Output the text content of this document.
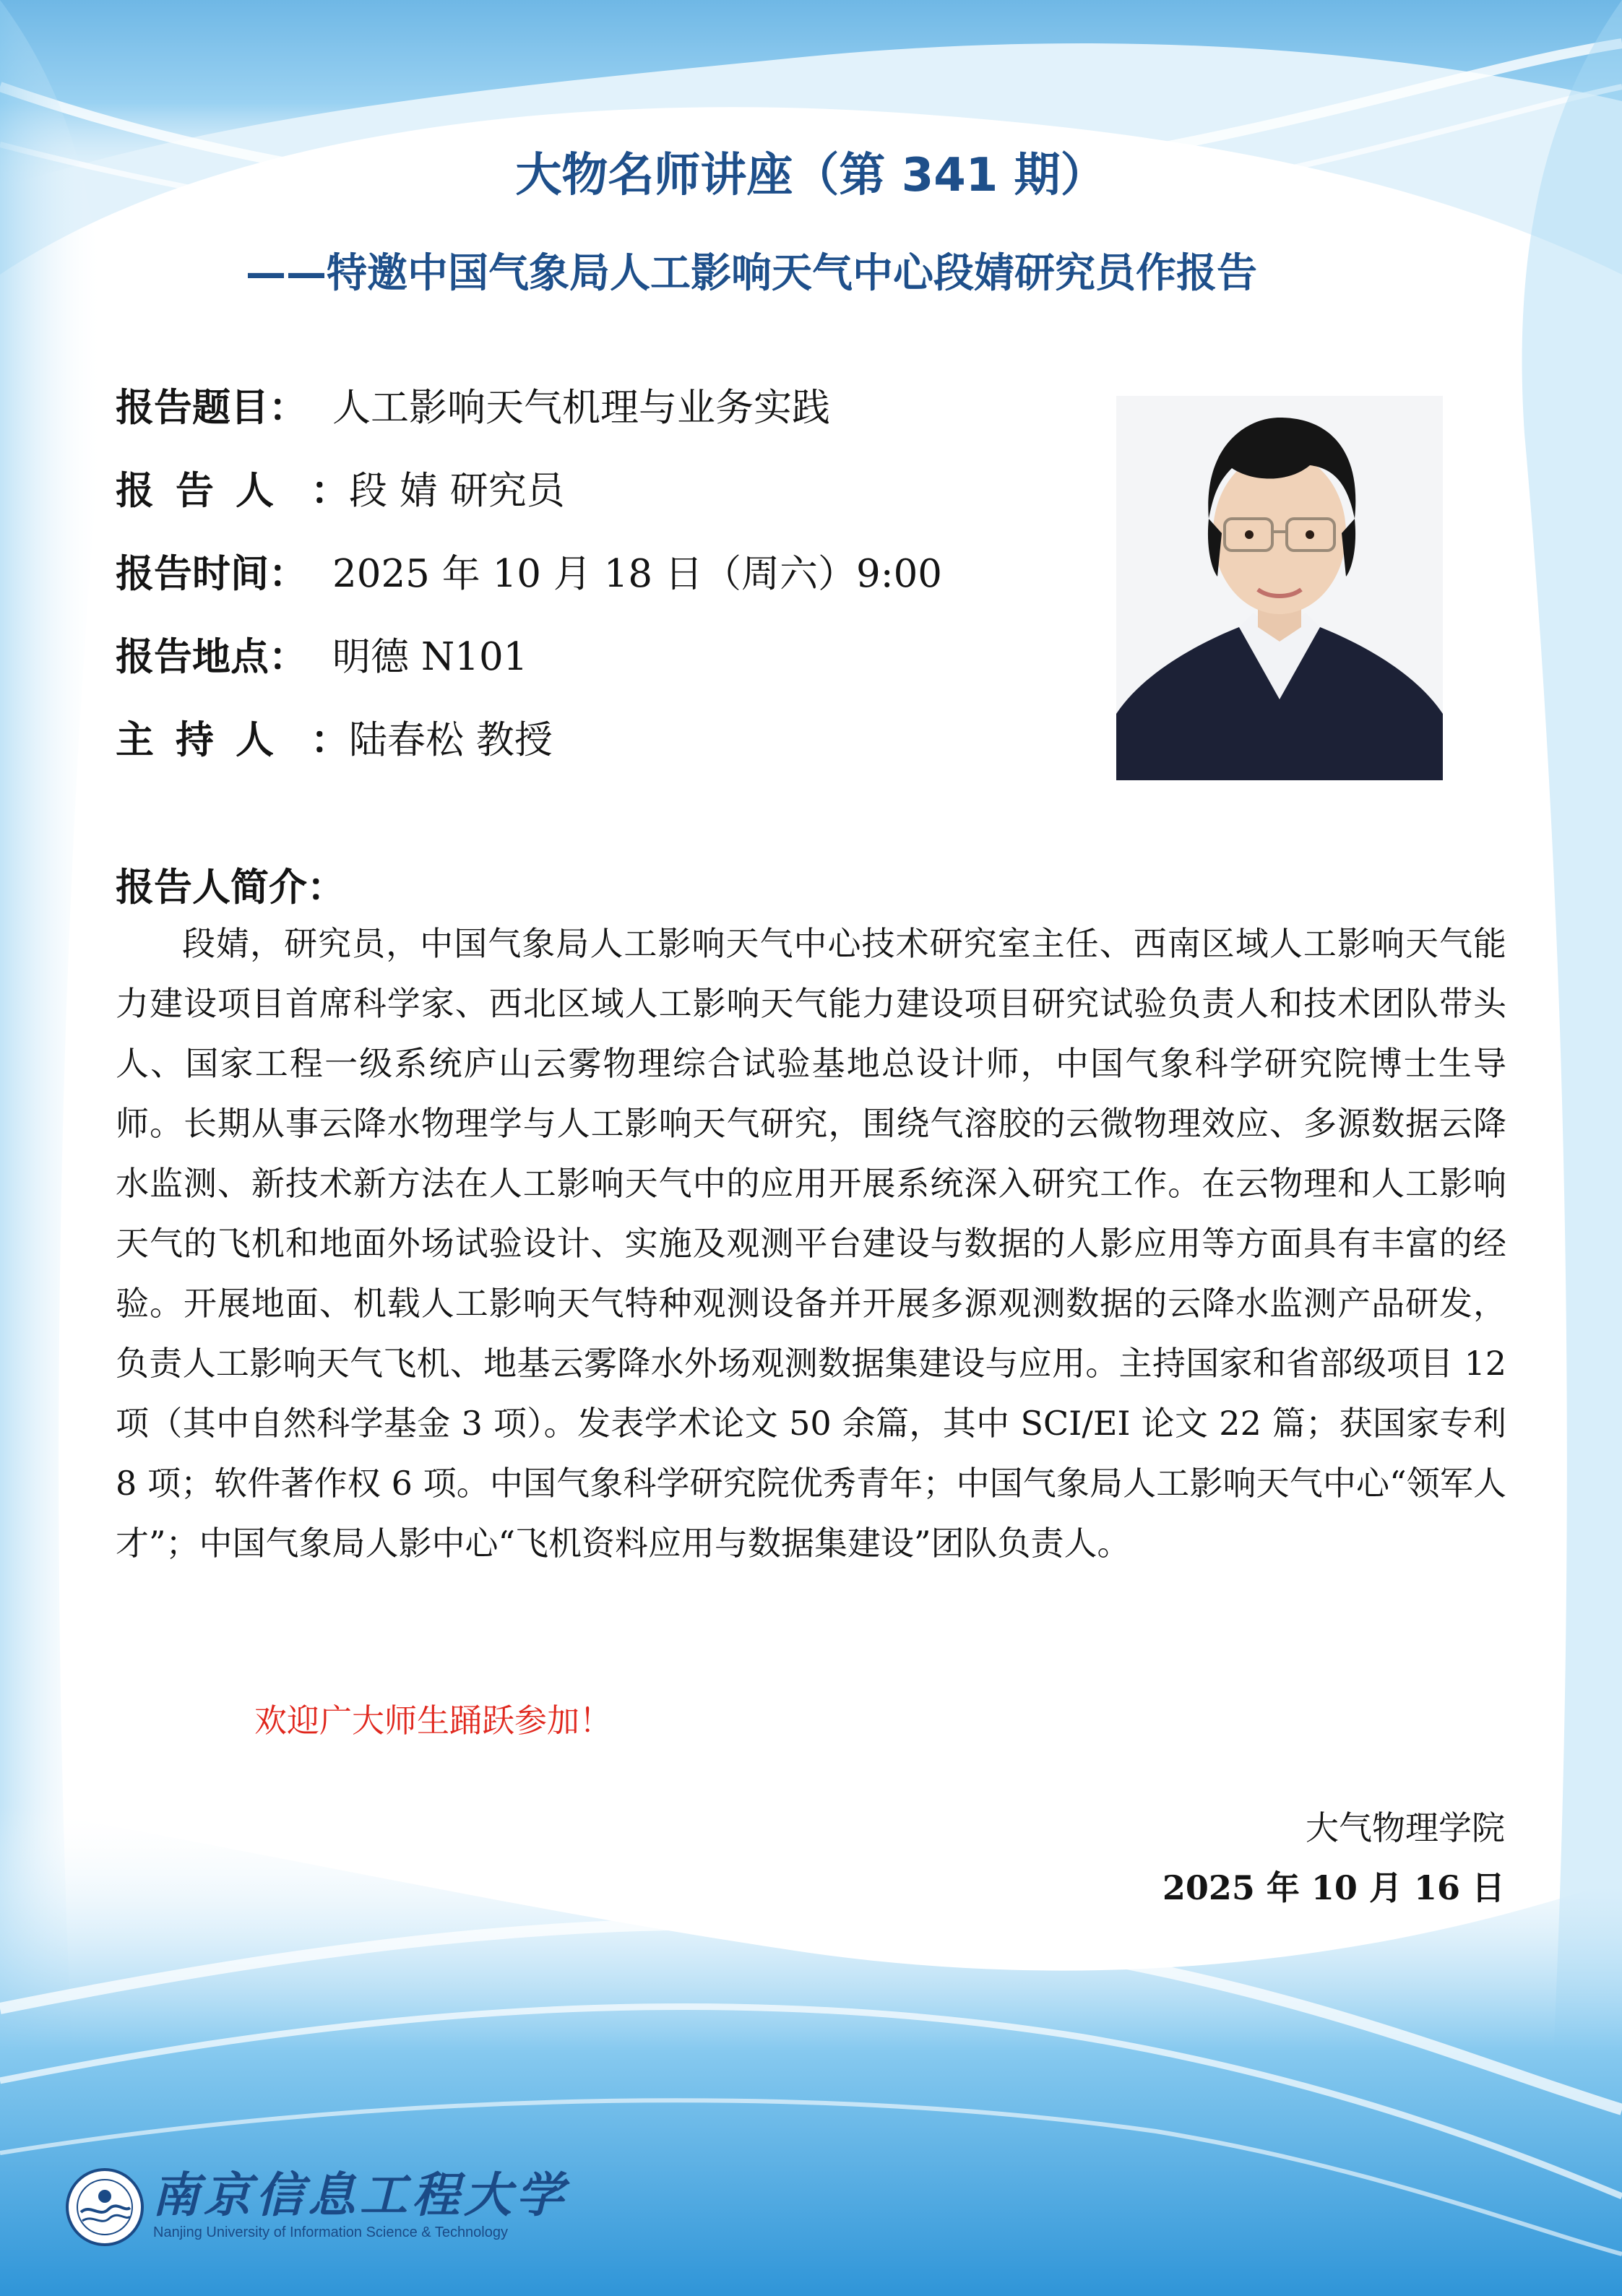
大物名师讲座（第 341 期）
——特邀中国气象局人工影响天气中心段婧研究员作报告
报告题目： 人工影响天气机理与业务实践
报告人 ：段 婧 研究员
报告时间： 2025 年 10 月 18 日（周六）9:00
报告地点： 明德 N101
主持人 ：陆春松 教授
报告人简介：
段婧，研究员，中国气象局人工影响天气中心技术研究室主任、西南区域人工影响天气能力建设项目首席科学家、西北区域人工影响天气能力建设项目研究试验负责人和技术团队带头人、国家工程一级系统庐山云雾物理综合试验基地总设计师，中国气象科学研究院博士生导师。长期从事云降水物理学与人工影响天气研究，围绕气溶胶的云微物理效应、多源数据云降水监测、新技术新方法在人工影响天气中的应用开展系统深入研究工作。在云物理和人工影响天气的飞机和地面外场试验设计、实施及观测平台建设与数据的人影应用等方面具有丰富的经验。开展地面、机载人工影响天气特种观测设备并开展多源观测数据的云降水监测产品研发，负责人工影响天气飞机、地基云雾降水外场观测数据集建设与应用。主持国家和省部级项目 12 项（其中自然科学基金 3 项）。发表学术论文 50 余篇，其中 SCI/EI 论文 22 篇；获国家专利 8 项；软件著作权 6 项。中国气象科学研究院优秀青年；中国气象局人工影响天气中心“领军人才”；中国气象局人影中心“飞机资料应用与数据集建设”团队负责人。
欢迎广大师生踊跃参加！
大气物理学院
2025 年 10 月 16 日
南京信息工程大学
Nanjing University of Information Science & Technology
